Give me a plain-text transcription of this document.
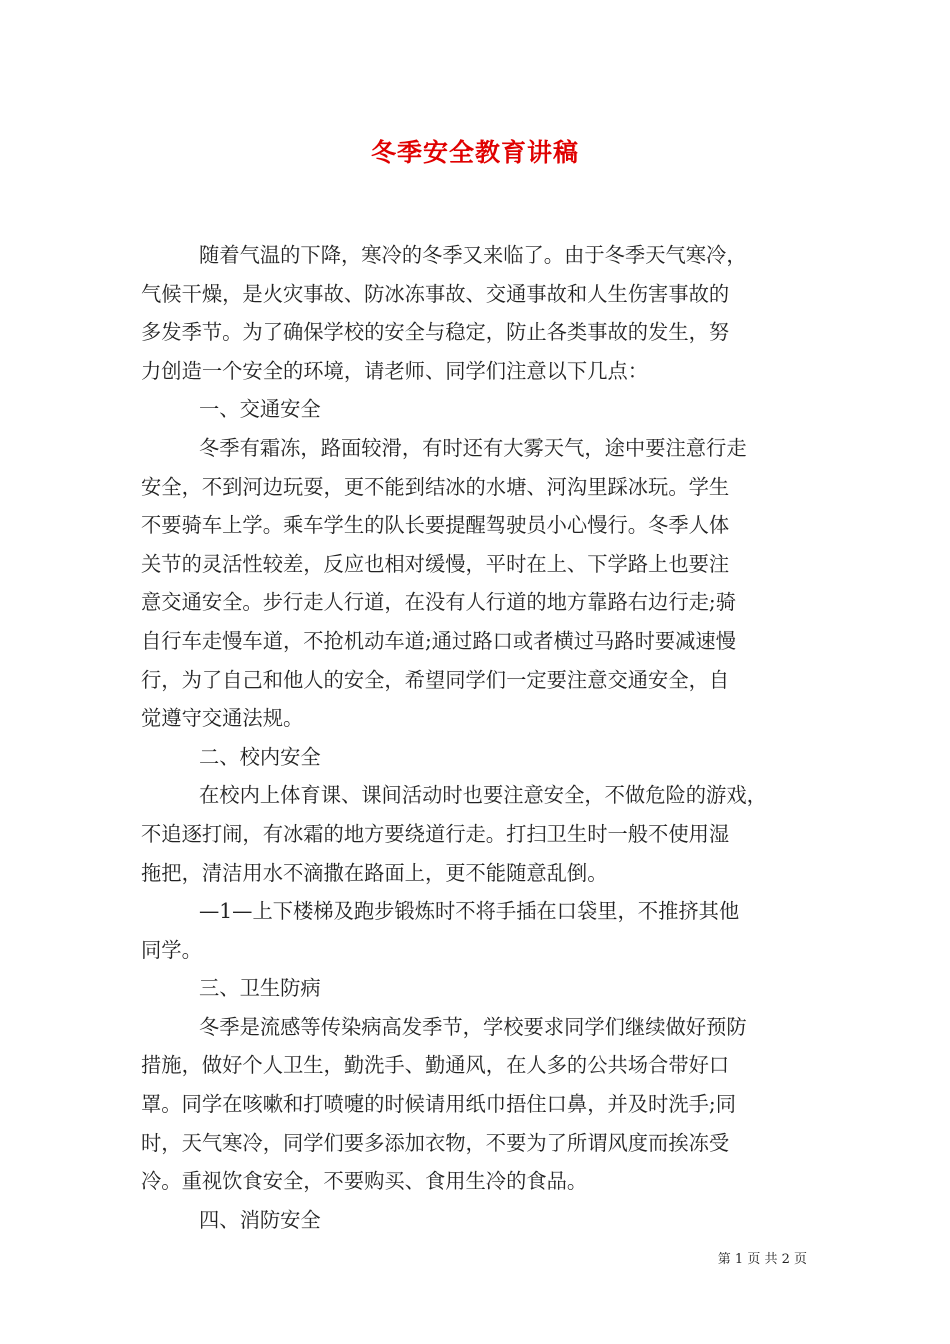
冬季安全教育讲稿
随着气温的下降，寒冷的冬季又来临了。由于冬季天气寒冷，
气候干燥，是火灾事故、防冰冻事故、交通事故和人生伤害事故的
多发季节。为了确保学校的安全与稳定，防止各类事故的发生，努
力创造一个安全的环境，请老师、同学们注意以下几点：
一、交通安全
冬季有霜冻，路面较滑，有时还有大雾天气，途中要注意行走
安全，不到河边玩耍，更不能到结冰的水塘、河沟里踩冰玩。学生
不要骑车上学。乘车学生的队长要提醒驾驶员小心慢行。冬季人体
关节的灵活性较差，反应也相对缓慢，平时在上、下学路上也要注
意交通安全。步行走人行道，在没有人行道的地方靠路右边行走;骑
自行车走慢车道，不抢机动车道;通过路口或者横过马路时要减速慢
行，为了自己和他人的安全，希望同学们一定要注意交通安全，自
觉遵守交通法规。
二、校内安全
在校内上体育课、课间活动时也要注意安全，不做危险的游戏，
不追逐打闹，有冰霜的地方要绕道行走。打扫卫生时一般不使用湿
拖把，清洁用水不滴撒在路面上，更不能随意乱倒。
—1—上下楼梯及跑步锻炼时不将手插在口袋里，不推挤其他
同学。
三、卫生防病
冬季是流感等传染病高发季节，学校要求同学们继续做好预防
措施，做好个人卫生，勤洗手、勤通风，在人多的公共场合带好口
罩。同学在咳嗽和打喷嚏的时候请用纸巾捂住口鼻，并及时洗手;同
时，天气寒冷，同学们要多添加衣物，不要为了所谓风度而挨冻受
冷。重视饮食安全，不要购买、食用生冷的食品。
四、消防安全
第 1 页 共 2 页
